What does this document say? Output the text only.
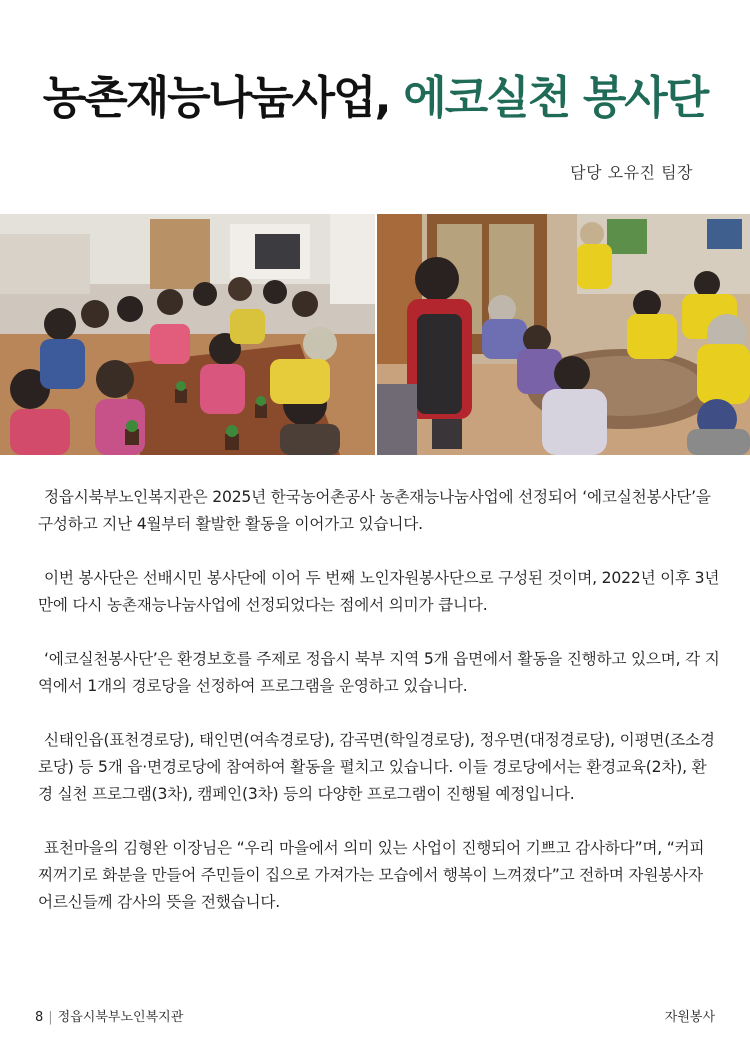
농촌재능나눔사업, 에코실천 봉사단
담당 오유진 팀장

정읍시북부노인복지관은 2025년 한국농어촌공사 농촌재능나눔사업에 선정되어 ‘에코실천봉사단’을 구성하고 지난 4월부터 활발한 활동을 이어가고 있습니다.

이번 봉사단은 선배시민 봉사단에 이어 두 번째 노인자원봉사단으로 구성된 것이며, 2022년 이후 3년 만에 다시 농촌재능나눔사업에 선정되었다는 점에서 의미가 큽니다.

‘에코실천봉사단’은 환경보호를 주제로 정읍시 북부 지역 5개 읍면에서 활동을 진행하고 있으며, 각 지역에서 1개의 경로당을 선정하여 프로그램을 운영하고 있습니다.

신태인읍(표천경로당), 태인면(여속경로당), 감곡면(학일경로당), 정우면(대정경로당), 이평면(조소경로당) 등 5개 읍·면경로당에 참여하여 활동을 펼치고 있습니다. 이들 경로당에서는 환경교육(2차), 환경 실천 프로그램(3차), 캠페인(3차) 등의 다양한 프로그램이 진행될 예정입니다.

표천마을의 김형완 이장님은 “우리 마을에서 의미 있는 사업이 진행되어 기쁘고 감사하다”며, “커피 찌꺼기로 화분을 만들어 주민들이 집으로 가져가는 모습에서 행복이 느껴졌다”고 전하며 자원봉사자 어르신들께 감사의 뜻을 전했습니다.

8 | 정읍시북부노인복지관	자원봉사
